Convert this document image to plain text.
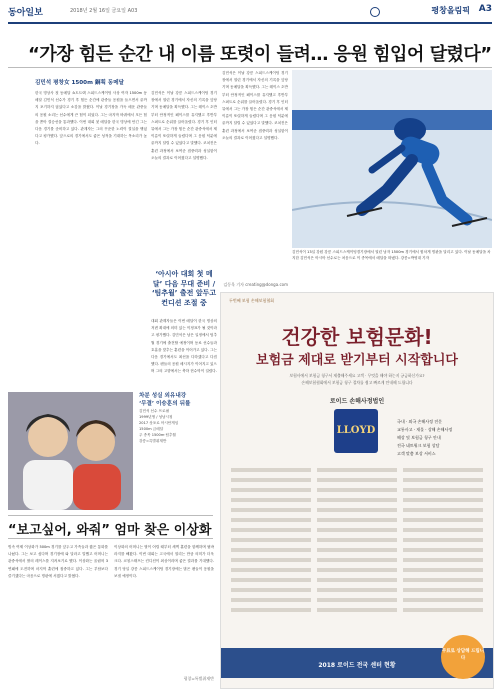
동아일보	2018년 2월 16일 금요일 A03	평창올림픽 A3
“가장 힘든 순간 내 이름 또렷이 들려… 응원 힘입어 달렸다”
김민석 평창女 1500m 銅획 동메달
한국 빙상사 첫 동메달 쇼트트랙 스피드스케이팅 사상 여자 1500m 동메달 김민석 선수가 경기 후 힘든 순간에 관중들 응원을 들으면서 끝까지 포기하지 않았다고 소감을 밝혔다. 이날 경기장을 가득 메운 관중들의 응원 소리는 선수에게 큰 힘이 되었다. 그는 마지막 바퀴에서 모든 힘을 쏟아 결승선을 통과했다. 이번 대회 첫 메달을 한국 빙상에 안긴 그는 다음 경기를 준비하고 있다. 관계자는 그의 꾸준한 노력이 결실을 맺었다고 평가했다. 앞으로의 경기에서도 좋은 성적을 기대하는 목소리가 높다.
김민석은 이날 강릉 스피드스케이팅 경기장에서 열린 경기에서 자신의 기록을 앞당기며 동메달을 획득했다. 그는 레이스 초반부터 안정적인 페이스를 유지했고 후반부 스퍼트로 순위를 끌어올렸다. 경기 후 인터뷰에서 그는 가장 힘든 순간 관중석에서 제 이름이 또렷하게 들렸다며 그 응원 덕분에 끝까지 달릴 수 있었다고 말했다. 코치진은 훈련 과정에서 보여준 집중력과 성실함이 오늘의 결과로 이어졌다고 설명했다.
‘아시아 대회 첫 메달’ 다음 무대 준비 / ‘팀추월’ 출전 앞두고 컨디션 조절 중
대회 관계자들은 이번 메달이 한국 빙상의 저변 확대에 의미 있는 이정표가 될 것이라고 평가했다. 김민석은 남은 일정에서 팀추월 경기에 출전할 예정이며 동료 선수들과 호흡을 맞추는 훈련을 이어가고 있다. 그는 다음 경기에서도 최선을 다하겠다고 다짐했다. 팬들의 응원 메시지가 이어지고 있으며 그의 고향에서는 축하 현수막이 걸렸다.
김민석은 이날 강릉 스피드스케이팅 경기장에서 열린 경기에서 자신의 기록을 앞당기며 동메달을 획득했다. 그는 레이스 초반부터 안정적인 페이스를 유지했고 후반부 스퍼트로 순위를 끌어올렸다. 경기 후 인터뷰에서 그는 가장 힘든 순간 관중석에서 제 이름이 또렷하게 들렸다며 그 응원 덕분에 끝까지 달릴 수 있었다고 말했다. 코치진은 훈련 과정에서 보여준 집중력과 성실함이 오늘의 결과로 이어졌다고 설명했다.
김동욱 기자 creating@donga.com
김민석이 13일 강원 강릉 스피드스케이팅경기장에서 열린 남자 1500m 경기에서 힘차게 빙판을 달리고 있다. 이날 동메달을 차지한 김민석은 아시아 선수로는 처음으로 이 종목에서 메달을 따냈다. 강릉=박영대 기자
차분 성실 외유내강
‘무결’ 이승훈의 뒤를
김민석 선수 프로필
1999년생 / 성남시청
2017 삿포로 아시안게임
1500m 금메달
주 종목 1500m·팀추월
강릉=특별취재반
“보고싶어, 와줘” 엄마 찾은 이상화
빙속 여제 이상화가 500m 경기를 앞두고 가족들과 짧은 통화를 나눴다. 그는 보고 싶다며 경기장에 와 달라고 말했고 어머니는 관중석에서 딸의 레이스를 지켜보기로 했다. 이상화는 올림픽 3연패에 도전하며 마지막 훈련에 집중하고 있다. 그는 부담보다 즐기겠다는 마음으로 빙판에 서겠다고 밝혔다.
이상화의 어머니는 딸이 어릴 때부터 새벽 훈련을 함께하며 뒷바라지를 해왔다. 이번 대회는 고국에서 열리는 만큼 의미가 더욱 크다. 코칭스태프는 컨디션이 최상이라며 좋은 결과를 기대했다. 경기 당일 강릉 스피드스케이팅 경기장에는 많은 팬들이 응원을 보낼 예정이다.
평창=특별취재반
두번째 보험 손해보험협회
건강한 보험문화!
보험금 제대로 받기부터 시작합니다
보험사에서 보험금 청구서 제출해주세요 고객 · 무엇을 해야 하는지 궁금하신가요?
손해보험협회에서 보험금 청구 절차를 쉽고 빠르게 안내해 드립니다
로이드 손해사정법인
LLOYD
국내 · 외국 손해사정 전문
교통사고 · 재물 · 상해 손해사정
해상 및 보험금 청구 안내
전국 네트워크 보험 상담
고객 맞춤 보상 서비스
2018 로이드 전국 센터 현황
무료로 상담해 드립니다
